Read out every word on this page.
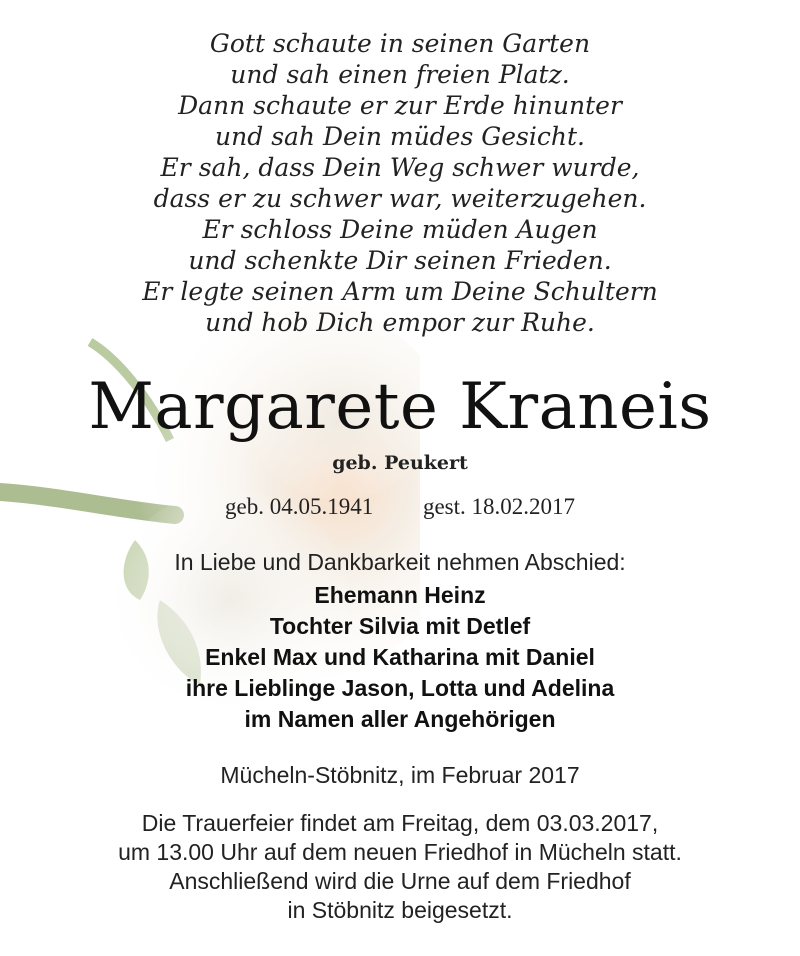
Gott schaute in seinen Garten
und sah einen freien Platz.
Dann schaute er zur Erde hinunter
und sah Dein müdes Gesicht.
Er sah, dass Dein Weg schwer wurde,
dass er zu schwer war, weiterzugehen.
Er schloss Deine müden Augen
und schenkte Dir seinen Frieden.
Er legte seinen Arm um Deine Schultern
und hob Dich empor zur Ruhe.
Margarete Kraneis
geb. Peukert
geb. 04.05.1941 gest. 18.02.2017
In Liebe und Dankbarkeit nehmen Abschied:
Ehemann Heinz
Tochter Silvia mit Detlef
Enkel Max und Katharina mit Daniel
ihre Lieblinge Jason, Lotta und Adelina
im Namen aller Angehörigen
Mücheln-Stöbnitz, im Februar 2017
Die Trauerfeier findet am Freitag, dem 03.03.2017,
um 13.00 Uhr auf dem neuen Friedhof in Mücheln statt.
Anschließend wird die Urne auf dem Friedhof
in Stöbnitz beigesetzt.
